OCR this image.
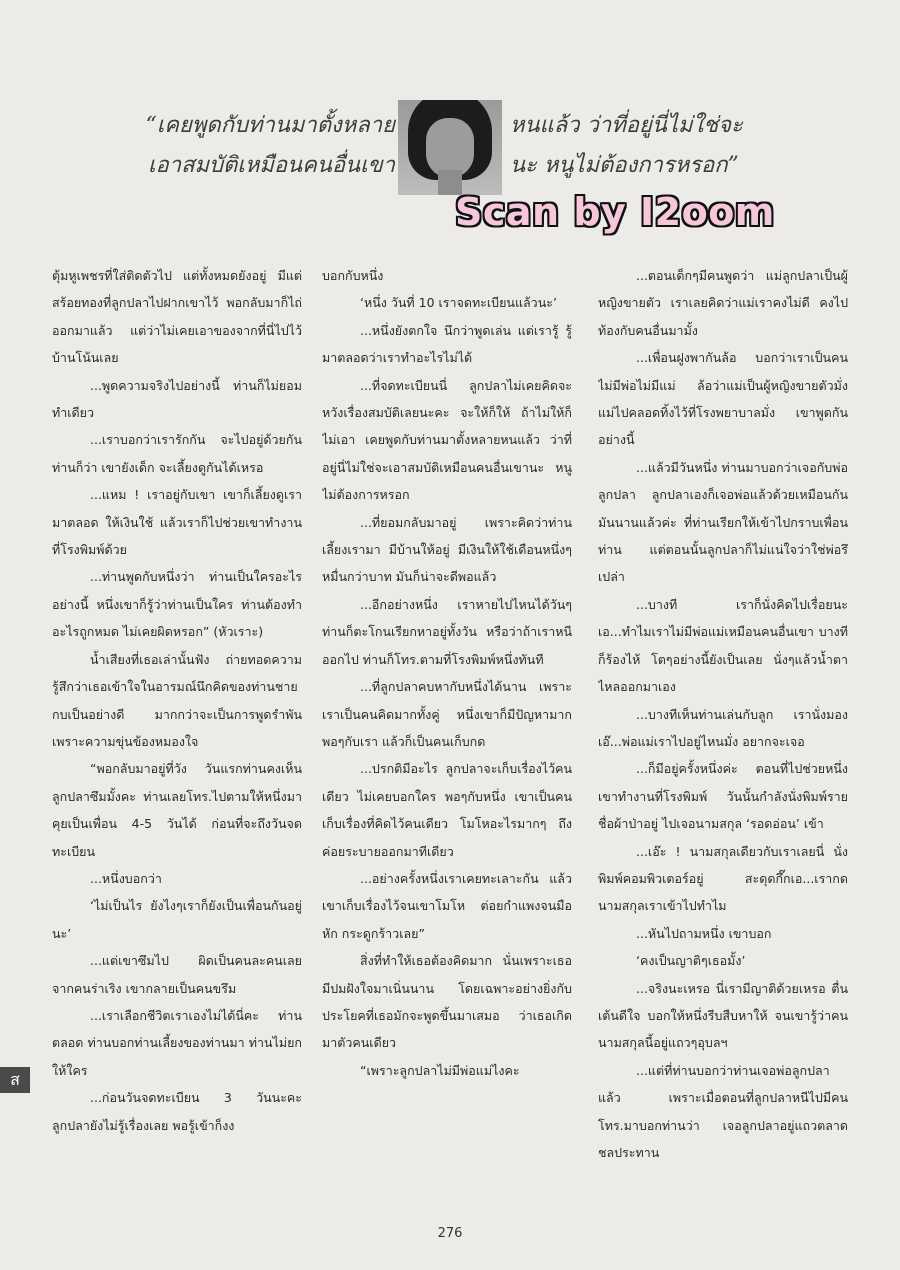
“เคยพูดกับท่านมาตั้งหลาย
เอาสมบัติเหมือนคนอื่นเขา
หนแล้ว ว่าที่อยู่นี่ไม่ใช่จะ
นะ หนูไม่ต้องการหรอก”
Scan by I2oom

ตุ้มหูเพชรที่ใส่ติดตัวไป แต่ทั้งหมดยังอยู่ มีแต่สร้อยทองที่ลูกปลาไปฝากเขาไว้ พอกลับมาก็ไถ่ออกมาแล้ว แต่ว่าไม่เคยเอาของจากที่นี่ไปไว้บ้านโน้นเลย

...พูดความจริงไปอย่างนี้ ท่านก็ไม่ยอมทำเดียว

...เราบอกว่าเรารักกัน จะไปอยู่ด้วยกัน ท่านก็ว่า เขายังเด็ก จะเลี้ยงดูกันได้เหรอ

...แหม ! เราอยู่กับเขา เขาก็เลี้ยงดูเรามาตลอด ให้เงินใช้ แล้วเราก็ไปช่วยเขาทำงานที่โรงพิมพ์ด้วย

...ท่านพูดกับหนึ่งว่า ท่านเป็นใครอะไรอย่างนี้ หนึ่งเขาก็รู้ว่าท่านเป็นใคร ท่านต้องทำอะไรถูกหมด ไม่เคยผิดหรอก” (หัวเราะ)

น้ำเสียงที่เธอเล่านั้นฟัง ถ่ายทอดความรู้สึกว่าเธอเข้าใจในอารมณ์นึกคิดของท่านชายกบเป็นอย่างดี มากกว่าจะเป็นการพูดรำพันเพราะความขุ่นข้องหมองใจ

“พอกลับมาอยู่ที่วัง วันแรกท่านคงเห็นลูกปลาซึมมั้งคะ ท่านเลยโทร.ไปตามให้หนึ่งมาคุยเป็นเพื่อน 4-5 วันได้ ก่อนที่จะถึงวันจดทะเบียน

...หนึ่งบอกว่า

‘ไม่เป็นไร ยังไงๆเราก็ยังเป็นเพื่อนกันอยู่นะ’

...แต่เขาซึมไป ผิดเป็นคนละคนเลย จากคนร่าเริง เขากลายเป็นคนขรึม

...เราเลือกชีวิตเราเองไม่ได้นี่คะ ท่านตลอด ท่านบอกท่านเลี้ยงของท่านมา ท่านไม่ยกให้ใคร

...ก่อนวันจดทะเบียน 3 วันนะคะ ลูกปลายังไม่รู้เรื่องเลย พอรู้เข้าก็งง

บอกกับหนึ่ง

‘หนึ่ง วันที่ 10 เราจดทะเบียนแล้วนะ’

...หนึ่งยังตกใจ นึกว่าพูดเล่น แต่เรารู้ รู้มาตลอดว่าเราทำอะไรไม่ได้

...ที่จดทะเบียนนี่ ลูกปลาไม่เคยคิดจะหวังเรื่องสมบัติเลยนะคะ จะให้ก็ให้ ถ้าไม่ให้ก็ไม่เอา เคยพูดกับท่านมาตั้งหลายหนแล้ว ว่าที่อยู่นี่ไม่ใช่จะเอาสมบัติเหมือนคนอื่นเขานะ หนูไม่ต้องการหรอก

...ที่ยอมกลับมาอยู่ เพราะคิดว่าท่านเลี้ยงเรามา มีบ้านให้อยู่ มีเงินให้ใช้เดือนหนึ่งๆหมื่นกว่าบาท มันก็น่าจะดีพอแล้ว

...อีกอย่างหนึ่ง เราหายไปไหนได้วันๆท่านก็ตะโกนเรียกหาอยู่ทั้งวัน หรือว่าถ้าเราหนีออกไป ท่านก็โทร.ตามที่โรงพิมพ์หนึ่งทันที

...ที่ลูกปลาคบหากับหนึ่งได้นาน เพราะเราเป็นคนคิดมากทั้งคู่ หนึ่งเขาก็มีปัญหามากพอๆกับเรา แล้วก็เป็นคนเก็บกด

...ปรกติมีอะไร ลูกปลาจะเก็บเรื่องไว้คนเดียว ไม่เคยบอกใคร พอๆกับหนึ่ง เขาเป็นคนเก็บเรื่องที่คิดไว้คนเดียว โมโหอะไรมากๆ ถึงค่อยระบายออกมาทีเดียว

...อย่างครั้งหนึ่งเราเคยทะเลาะกัน แล้วเขาเก็บเรื่องไว้จนเขาโมโห ต่อยกำแพงจนมือหัก กระดูกร้าวเลย”

สิ่งที่ทำให้เธอต้องคิดมาก นั่นเพราะเธอมีปมฝังใจมาเนิ่นนาน โดยเฉพาะอย่างยิ่งกับประโยคที่เธอมักจะพูดขึ้นมาเสมอ ว่าเธอเกิดมาตัวคนเดียว

“เพราะลูกปลาไม่มีพ่อแม่ไงคะ

...ตอนเด็กๆมีคนพูดว่า แม่ลูกปลาเป็นผู้หญิงขายตัว เราเลยคิดว่าแม่เราคงไม่ดี คงไปท้องกับคนอื่นมามั้ง

...เพื่อนฝูงพากันล้อ บอกว่าเราเป็นคนไม่มีพ่อไม่มีแม่ ล้อว่าแม่เป็นผู้หญิงขายตัวมั่ง แม่ไปคลอดทิ้งไว้ที่โรงพยาบาลมั่ง เขาพูดกันอย่างนี้

...แล้วมีวันหนึ่ง ท่านมาบอกว่าเจอกับพ่อลูกปลา ลูกปลาเองก็เจอพ่อแล้วด้วยเหมือนกัน มันนานแล้วค่ะ ที่ท่านเรียกให้เข้าไปกราบเพื่อนท่าน แต่ตอนนั้นลูกปลาก็ไม่แน่ใจว่าใช่พ่อรึเปล่า

...บางที เราก็นั่งคิดไปเรื่อยนะ เอ...ทำไมเราไม่มีพ่อแม่เหมือนคนอื่นเขา บางทีก็ร้องไห้ โตๆอย่างนี้ยังเป็นเลย นั่งๆแล้วน้ำตาไหลออกมาเอง

...บางทีเห็นท่านเล่นกับลูก เรานั่งมอง เอ๊...พ่อแม่เราไปอยู่ไหนมั่ง อยากจะเจอ

...ก็มีอยู่ครั้งหนึ่งค่ะ ตอนที่ไปช่วยหนึ่งเขาทำงานที่โรงพิมพ์ วันนั้นกำลังนั่งพิมพ์รายชื่อผ้าป่าอยู่ ไปเจอนามสกุล ‘รอดอ่อน’ เข้า

...เอ๊ะ ! นามสกุลเดียวกับเราเลยนี่ นั่งพิมพ์คอมพิวเตอร์อยู่ สะดุดกึ๊กเอ...เรากดนามสกุลเราเข้าไปทำไม

...หันไปถามหนึ่ง เขาบอก

‘คงเป็นญาติๆเธอมั้ง’

...จริงนะเหรอ นี่เรามีญาติด้วยเหรอ ตื่นเต้นดีใจ บอกให้หนึ่งรีบสืบหาให้ จนเขารู้ว่าคนนามสกุลนี้อยู่แถวๆอุบลฯ

...แต่ที่ท่านบอกว่าท่านเจอพ่อลูกปลาแล้ว เพราะเมื่อตอนที่ลูกปลาหนีไปมีคนโทร.มาบอกท่านว่า เจอลูกปลาอยู่แถวตลาดชลประทาน

ส
276
